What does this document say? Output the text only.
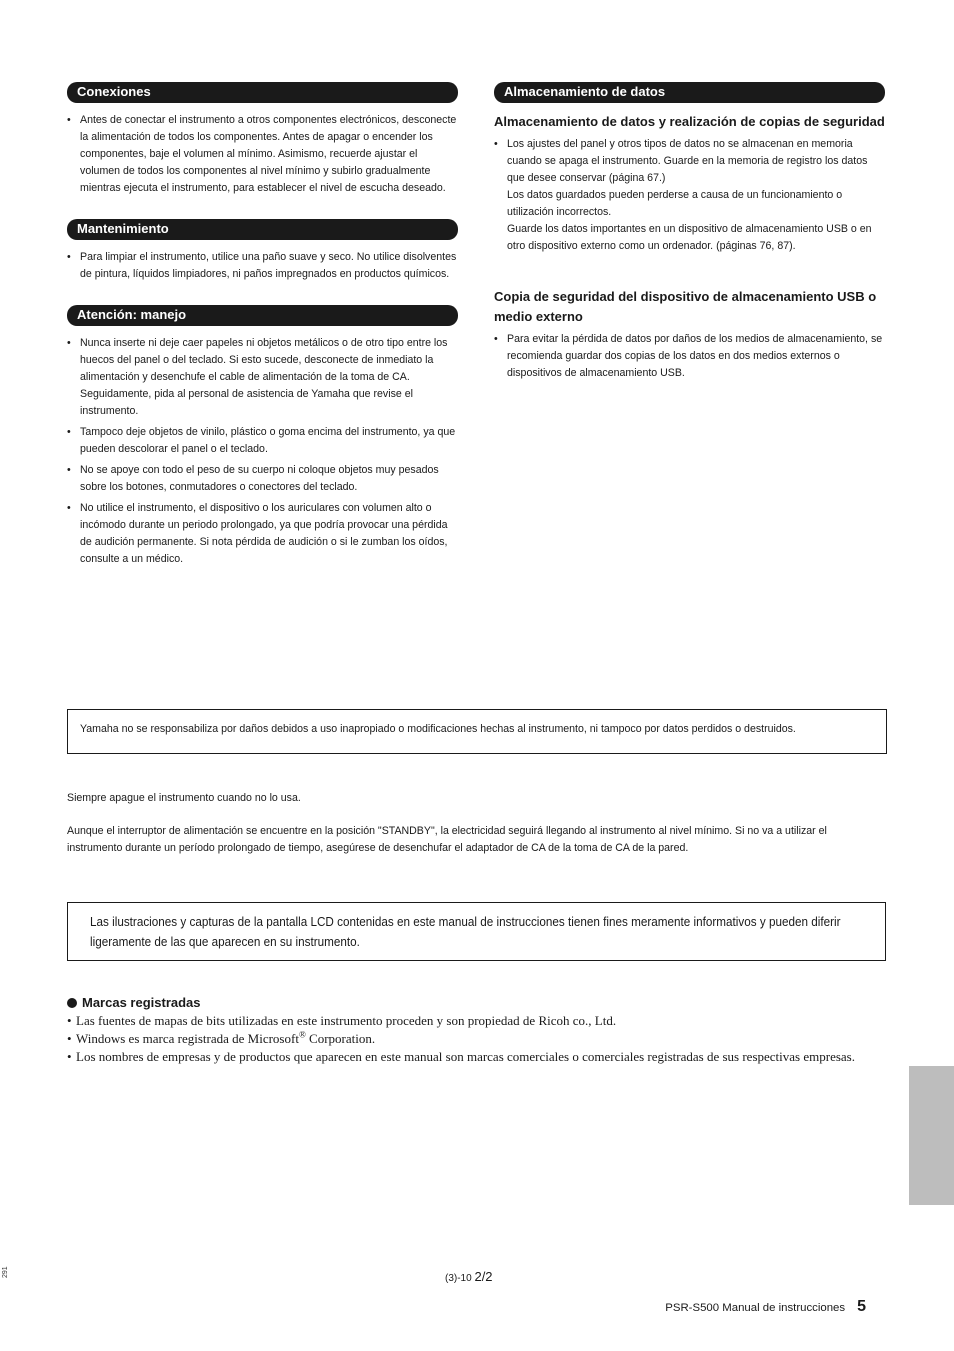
Conexiones
• Antes de conectar el instrumento a otros componentes electrónicos, desconecte la alimentación de todos los componentes. Antes de apagar o encender los componentes, baje el volumen al mínimo. Asimismo, recuerde ajustar el volumen de todos los componentes al nivel mínimo y subirlo gradualmente mientras ejecuta el instrumento, para establecer el nivel de escucha deseado.
Mantenimiento
• Para limpiar el instrumento, utilice una paño suave y seco. No utilice disolventes de pintura, líquidos limpiadores, ni paños impregnados en productos químicos.
Atención: manejo
• Nunca inserte ni deje caer papeles ni objetos metálicos o de otro tipo entre los huecos del panel o del teclado. Si esto sucede, desconecte de inmediato la alimentación y desenchufe el cable de alimentación de la toma de CA. Seguidamente, pida al personal de asistencia de Yamaha que revise el instrumento.
• Tampoco deje objetos de vinilo, plástico o goma encima del instrumento, ya que pueden descolorar el panel o el teclado.
• No se apoye con todo el peso de su cuerpo ni coloque objetos muy pesados sobre los botones, conmutadores o conectores del teclado.
• No utilice el instrumento, el dispositivo o los auriculares con volumen alto o incómodo durante un periodo prolongado, ya que podría provocar una pérdida de audición permanente. Si nota pérdida de audición o si le zumban los oídos, consulte a un médico.
Almacenamiento de datos
Almacenamiento de datos y realización de copias de seguridad
• Los ajustes del panel y otros tipos de datos no se almacenan en memoria cuando se apaga el instrumento. Guarde en la memoria de registro los datos que desee conservar (página 67.)
Los datos guardados pueden perderse a causa de un funcionamiento o utilización incorrectos.
Guarde los datos importantes en un dispositivo de almacenamiento USB o en otro dispositivo externo como un ordenador. (páginas 76, 87).
Copia de seguridad del dispositivo de almacenamiento USB o medio externo
• Para evitar la pérdida de datos por daños de los medios de almacenamiento, se recomienda guardar dos copias de los datos en dos medios externos o dispositivos de almacenamiento USB.
Yamaha no se responsabiliza por daños debidos a uso inapropiado o modificaciones hechas al instrumento, ni tampoco por datos perdidos o destruidos.
Siempre apague el instrumento cuando no lo usa.
Aunque el interruptor de alimentación se encuentre en la posición "STANDBY", la electricidad seguirá llegando al instrumento al nivel mínimo. Si no va a utilizar el
instrumento durante un período prolongado de tiempo, asegúrese de desenchufar el adaptador de CA de la toma de CA de la pared.
Las ilustraciones y capturas de la pantalla LCD contenidas en este manual de instrucciones tienen fines meramente informativos y pueden diferir
ligeramente de las que aparecen en su instrumento.
Marcas registradas
• Las fuentes de mapas de bits utilizadas en este instrumento proceden y son propiedad de Ricoh co., Ltd.
• Windows es marca registrada de Microsoft® Corporation.
• Los nombres de empresas y de productos que aparecen en este manual son marcas comerciales o comerciales registradas de sus respectivas empresas.
291
(3)-10 2/2
PSR-S500 Manual de instrucciones 5
